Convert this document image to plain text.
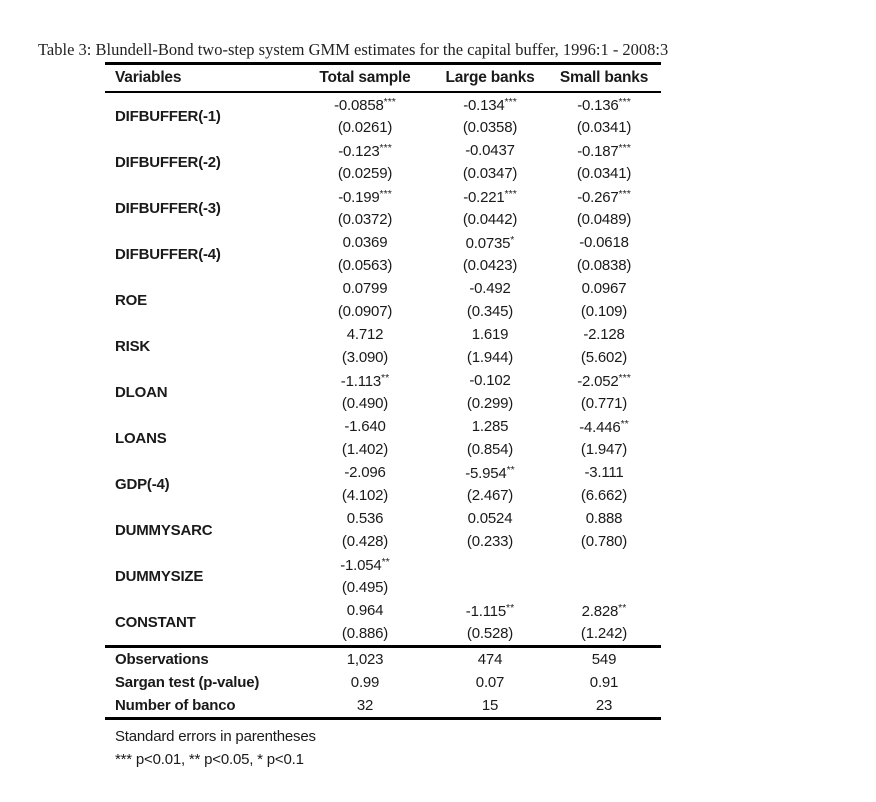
Table 3: Blundell-Bond two-step system GMM estimates for the capital buffer, 1996:1 - 2008:3
Variables	Total sample	Large banks	Small banks
DIFBUFFER(-1)	-0.0858***	-0.134***	-0.136***
	(0.0261)	(0.0358)	(0.0341)
DIFBUFFER(-2)	-0.123***	-0.0437	-0.187***
	(0.0259)	(0.0347)	(0.0341)
DIFBUFFER(-3)	-0.199***	-0.221***	-0.267***
	(0.0372)	(0.0442)	(0.0489)
DIFBUFFER(-4)	0.0369	0.0735*	-0.0618
	(0.0563)	(0.0423)	(0.0838)
ROE	0.0799	-0.492	0.0967
	(0.0907)	(0.345)	(0.109)
RISK	4.712	1.619	-2.128
	(3.090)	(1.944)	(5.602)
DLOAN	-1.113**	-0.102	-2.052***
	(0.490)	(0.299)	(0.771)
LOANS	-1.640	1.285	-4.446**
	(1.402)	(0.854)	(1.947)
GDP(-4)	-2.096	-5.954**	-3.111
	(4.102)	(2.467)	(6.662)
DUMMYSARC	0.536	0.0524	0.888
	(0.428)	(0.233)	(0.780)
DUMMYSIZE	-1.054**		
	(0.495)		
CONSTANT	0.964	-1.115**	2.828**
	(0.886)	(0.528)	(1.242)
Observations	1,023	474	549
Sargan test (p-value)	0.99	0.07	0.91
Number of banco	32	15	23
Standard errors in parentheses
*** p<0.01, ** p<0.05, * p<0.1
